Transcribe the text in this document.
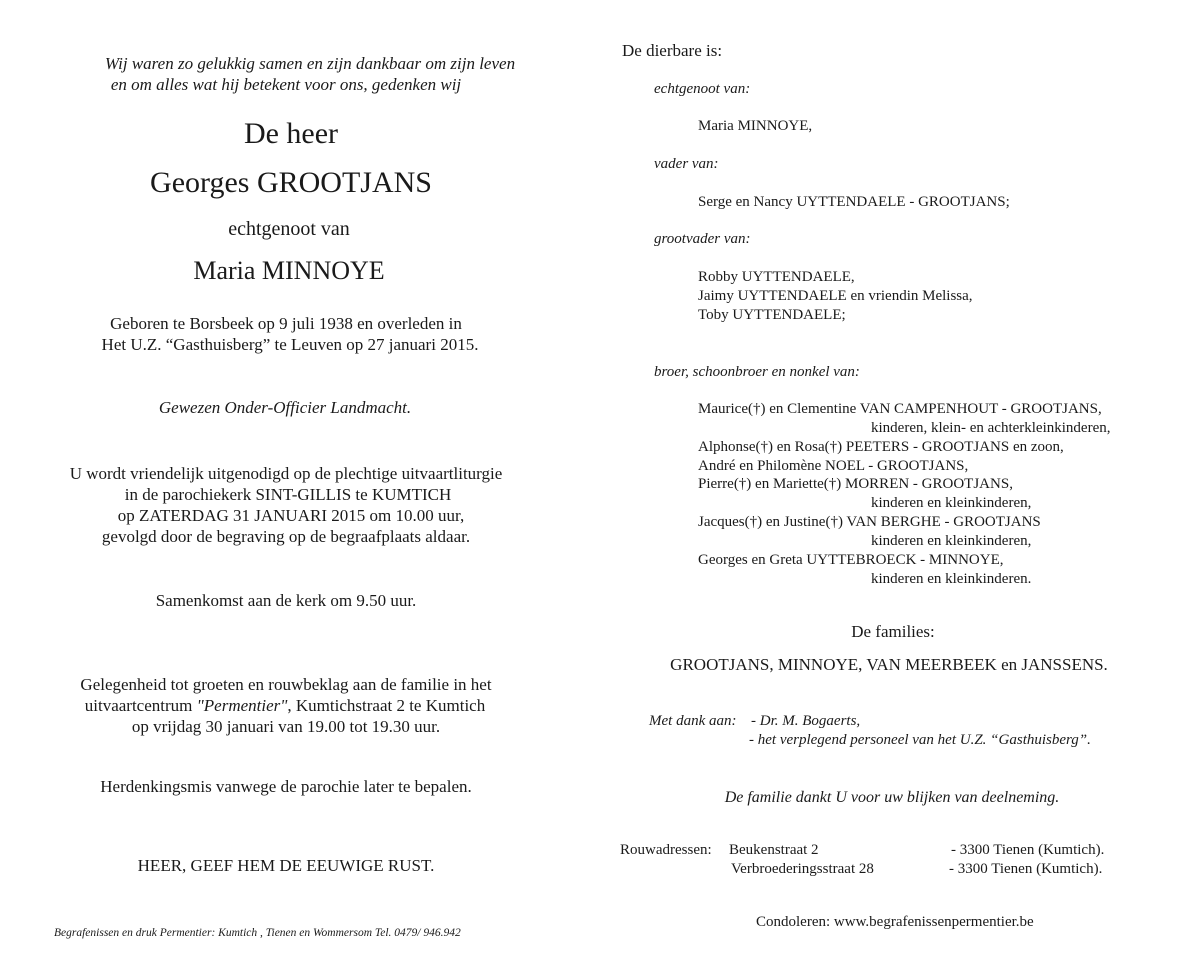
Wij waren zo gelukkig samen en zijn dankbaar om zijn leven
en om alles wat hij betekent voor ons, gedenken wij
De heer
Georges GROOTJANS
echtgenoot van
Maria MINNOYE
Geboren te Borsbeek op 9 juli 1938 en overleden in
Het U.Z. “Gasthuisberg” te Leuven op 27 januari 2015.
Gewezen Onder-Officier Landmacht.
U wordt vriendelijk uitgenodigd op de plechtige uitvaartliturgie
in de parochiekerk SINT-GILLIS te KUMTICH
op ZATERDAG 31 JANUARI 2015 om 10.00 uur,
gevolgd door de begraving op de begraafplaats aldaar.
Samenkomst aan de kerk om 9.50 uur.
Gelegenheid tot groeten en rouwbeklag aan de familie in het
uitvaartcentrum "Permentier", Kumtichstraat 2 te Kumtich
op vrijdag 30 januari van 19.00 tot 19.30 uur.
Herdenkingsmis vanwege de parochie later te bepalen.
HEER, GEEF HEM DE EEUWIGE RUST.
Begrafenissen en druk Permentier: Kumtich , Tienen en Wommersom Tel. 0479/ 946.942
De dierbare is:
echtgenoot van:
Maria MINNOYE,
vader van:
Serge en Nancy UYTTENDAELE - GROOTJANS;
grootvader van:
Robby UYTTENDAELE,
Jaimy UYTTENDAELE en vriendin Melissa,
Toby UYTTENDAELE;
broer, schoonbroer en nonkel van:
Maurice(†) en Clementine VAN CAMPENHOUT - GROOTJANS,
kinderen, klein- en achterkleinkinderen,
Alphonse(†) en Rosa(†) PEETERS - GROOTJANS en zoon,
André en Philomène NOEL - GROOTJANS,
Pierre(†) en Mariette(†) MORREN - GROOTJANS,
kinderen en kleinkinderen,
Jacques(†) en Justine(†) VAN BERGHE - GROOTJANS
kinderen en kleinkinderen,
Georges en Greta UYTTEBROECK - MINNOYE,
kinderen en kleinkinderen.
De families:
GROOTJANS, MINNOYE, VAN MEERBEEK en JANSSENS.
Met dank aan: - Dr. M. Bogaerts,
- het verplegend personeel van het U.Z. “Gasthuisberg”.
De familie dankt U voor uw blijken van deelneming.
Rouwadressen: Beukenstraat 2	- 3300 Tienen (Kumtich).
Verbroederingsstraat 28	- 3300 Tienen (Kumtich).
Condoleren: www.begrafenissenpermentier.be
